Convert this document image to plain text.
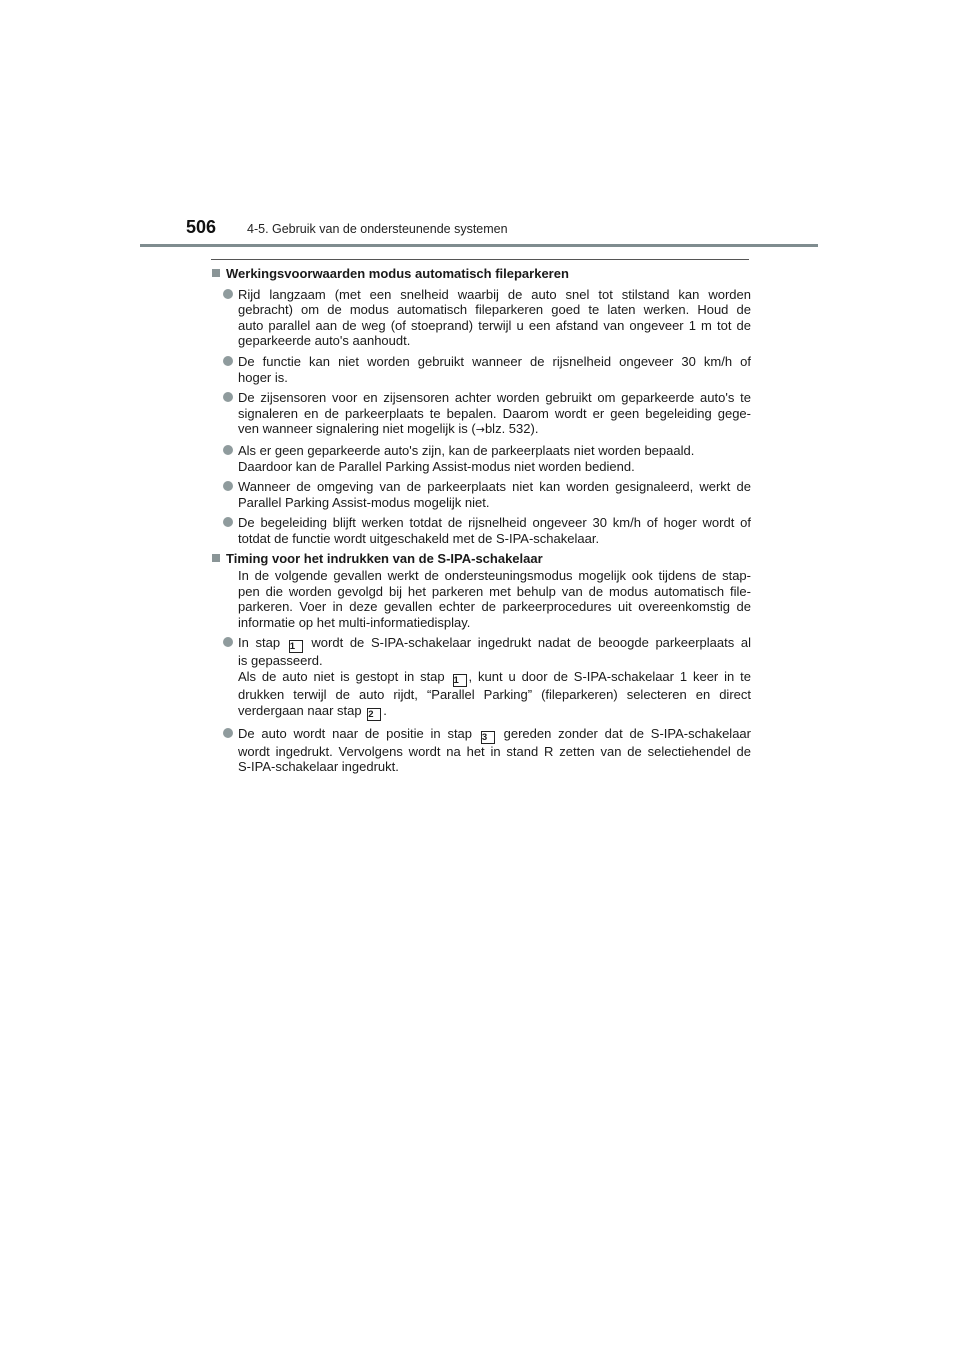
506 4-5. Gebruik van de ondersteunende systemen
Werkingsvoorwaarden modus automatisch fileparkeren
Rijd langzaam (met een snelheid waarbij de auto snel tot stilstand kan worden
gebracht) om de modus automatisch fileparkeren goed te laten werken. Houd de
auto parallel aan de weg (of stoeprand) terwijl u een afstand van ongeveer 1 m tot de
geparkeerde auto's aanhoudt.
De functie kan niet worden gebruikt wanneer de rijsnelheid ongeveer 30 km/h of
hoger is.
De zijsensoren voor en zijsensoren achter worden gebruikt om geparkeerde auto's te
signaleren en de parkeerplaats te bepalen. Daarom wordt er geen begeleiding gege-
ven wanneer signalering niet mogelijk is (→blz. 532).
Als er geen geparkeerde auto's zijn, kan de parkeerplaats niet worden bepaald.
Daardoor kan de Parallel Parking Assist-modus niet worden bediend.
Wanneer de omgeving van de parkeerplaats niet kan worden gesignaleerd, werkt de
Parallel Parking Assist-modus mogelijk niet.
De begeleiding blijft werken totdat de rijsnelheid ongeveer 30 km/h of hoger wordt of
totdat de functie wordt uitgeschakeld met de S-IPA-schakelaar.
Timing voor het indrukken van de S-IPA-schakelaar
In de volgende gevallen werkt de ondersteuningsmodus mogelijk ook tijdens de stap-
pen die worden gevolgd bij het parkeren met behulp van de modus automatisch file-
parkeren. Voer in deze gevallen echter de parkeerprocedures uit overeenkomstig de
informatie op het multi-informatiedisplay.
In stap 1 wordt de S-IPA-schakelaar ingedrukt nadat de beoogde parkeerplaats al
is gepasseerd.
Als de auto niet is gestopt in stap 1 , kunt u door de S-IPA-schakelaar 1 keer in te
drukken terwijl de auto rijdt, “Parallel Parking” (fileparkeren) selecteren en direct
verdergaan naar stap 2 .
De auto wordt naar de positie in stap 3 gereden zonder dat de S-IPA-schakelaar
wordt ingedrukt. Vervolgens wordt na het in stand R zetten van de selectiehendel de
S-IPA-schakelaar ingedrukt.
